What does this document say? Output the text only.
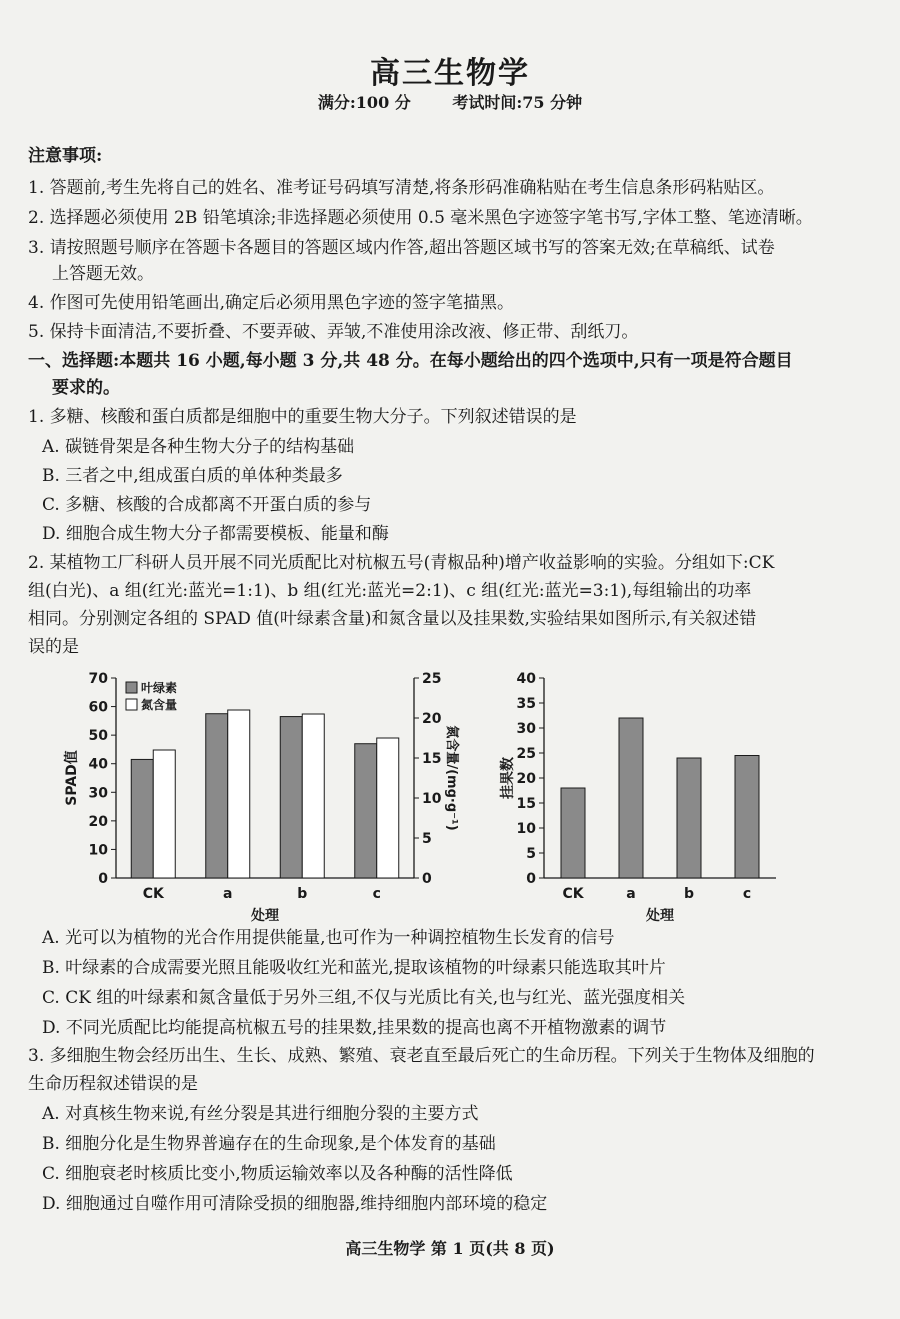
高三生物学
满分:100 分	考试时间:75 分钟
注意事项:
1. 答题前,考生先将自己的姓名、准考证号码填写清楚,将条形码准确粘贴在考生信息条形码粘贴区。
2. 选择题必须使用 2B 铅笔填涂;非选择题必须使用 0.5 毫米黑色字迹签字笔书写,字体工整、笔迹清晰。
3. 请按照题号顺序在答题卡各题目的答题区域内作答,超出答题区域书写的答案无效;在草稿纸、试卷
上答题无效。
4. 作图可先使用铅笔画出,确定后必须用黑色字迹的签字笔描黑。
5. 保持卡面清洁,不要折叠、不要弄破、弄皱,不准使用涂改液、修正带、刮纸刀。
一、选择题:本题共 16 小题,每小题 3 分,共 48 分。在每小题给出的四个选项中,只有一项是符合题目
要求的。
1. 多糖、核酸和蛋白质都是细胞中的重要生物大分子。下列叙述错误的是
A. 碳链骨架是各种生物大分子的结构基础
B. 三者之中,组成蛋白质的单体种类最多
C. 多糖、核酸的合成都离不开蛋白质的参与
D. 细胞合成生物大分子都需要模板、能量和酶
2. 某植物工厂科研人员开展不同光质配比对杭椒五号(青椒品种)增产收益影响的实验。分组如下:CK
组(白光)、a 组(红光:蓝光=1:1)、b 组(红光:蓝光=2:1)、c 组(红光:蓝光=3:1),每组输出的功率
相同。分别测定各组的 SPAD 值(叶绿素含量)和氮含量以及挂果数,实验结果如图所示,有关叙述错
误的是
0
10
20
30
40
50
60
70
0
5
10
15
20
25
CK	a	b	c
处理
SPAD值	氮含量/(mg·g⁻¹)
叶绿素
氮含量
0
5
10
15
20
25
30
35
40
CK	a	b	c
处理
挂果数
A. 光可以为植物的光合作用提供能量,也可作为一种调控植物生长发育的信号
B. 叶绿素的合成需要光照且能吸收红光和蓝光,提取该植物的叶绿素只能选取其叶片
C. CK 组的叶绿素和氮含量低于另外三组,不仅与光质比有关,也与红光、蓝光强度相关
D. 不同光质配比均能提高杭椒五号的挂果数,挂果数的提高也离不开植物激素的调节
3. 多细胞生物会经历出生、生长、成熟、繁殖、衰老直至最后死亡的生命历程。下列关于生物体及细胞的
生命历程叙述错误的是
A. 对真核生物来说,有丝分裂是其进行细胞分裂的主要方式
B. 细胞分化是生物界普遍存在的生命现象,是个体发育的基础
C. 细胞衰老时核质比变小,物质运输效率以及各种酶的活性降低
D. 细胞通过自噬作用可清除受损的细胞器,维持细胞内部环境的稳定
高三生物学 第 1 页(共 8 页)
